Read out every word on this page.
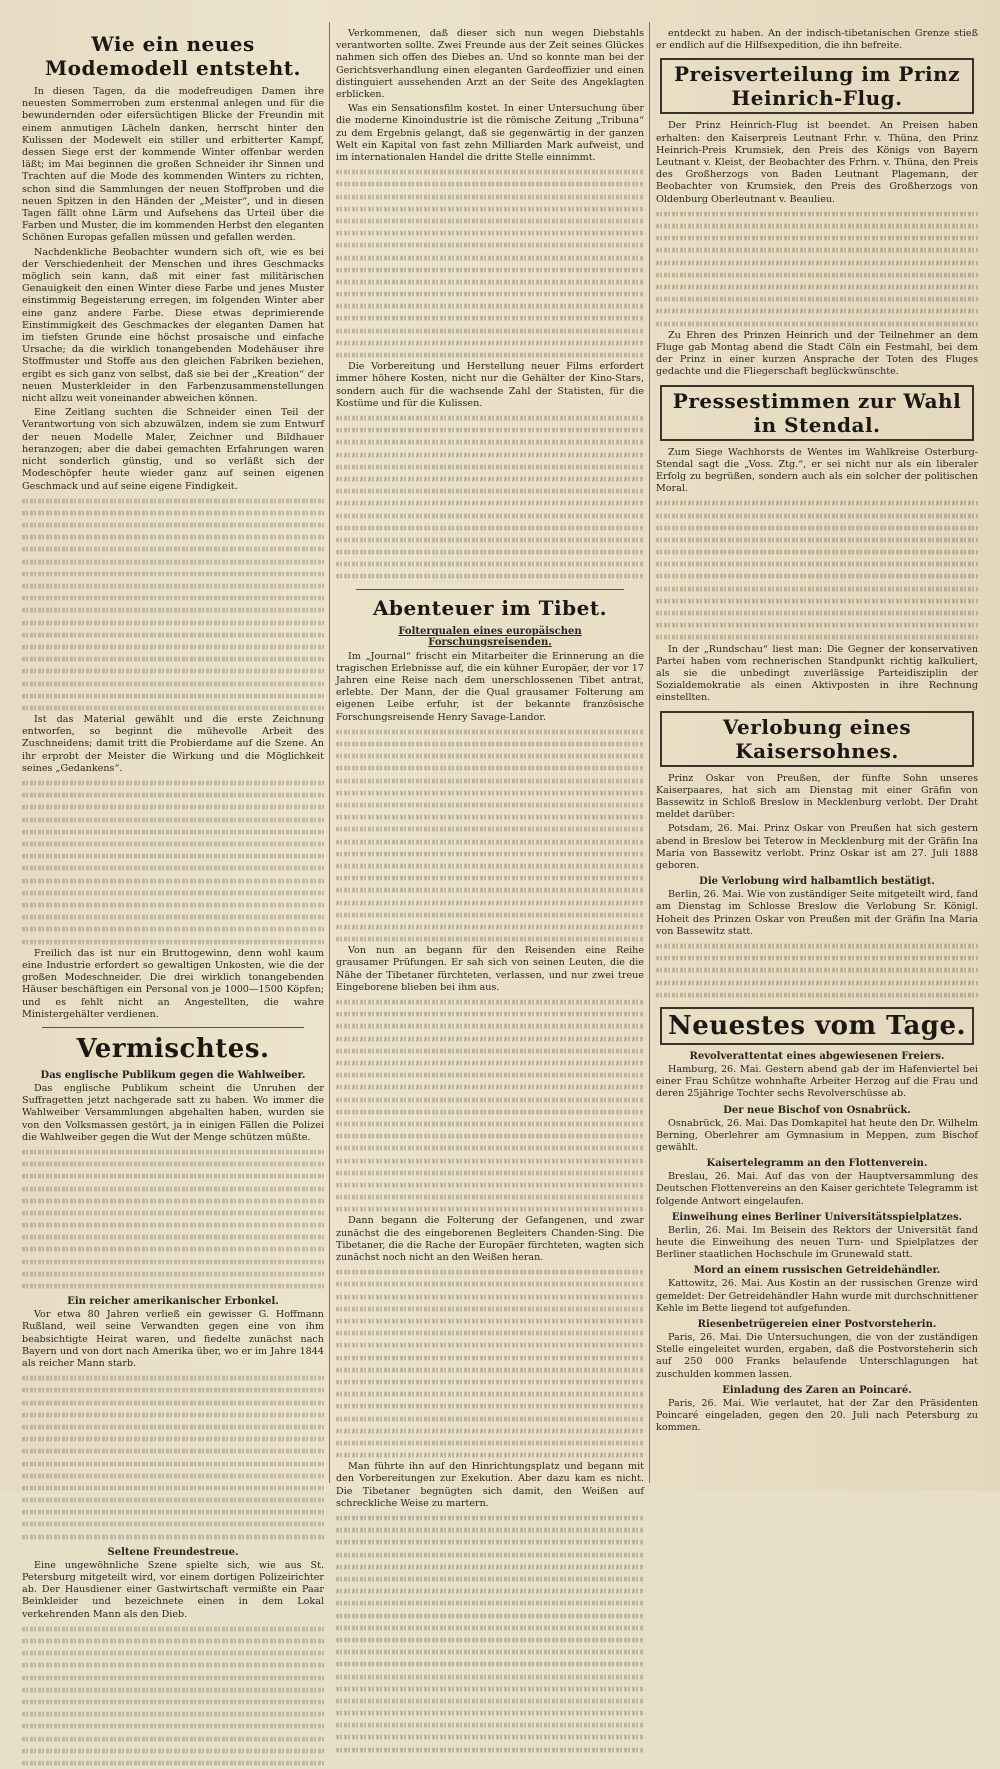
Wie ein neues Modemodell entsteht.

In diesen Tagen, da die modefreudigen Damen ihre neuesten Sommerroben zum erstenmal anlegen und für die bewundernden oder eifersüchtigen Blicke der Freundin mit einem anmutigen Lächeln danken, herrscht hinter den Kulissen der Modewelt ein stiller und erbitterter Kampf, dessen Siege erst der kommende Winter offenbar werden läßt; im Mai beginnen die großen Schneider ihr Sinnen und Trachten auf die Mode des kommenden Winters zu richten, schon sind die Sammlungen der neuen Stoffproben und die neuen Spitzen in den Händen der „Meister“, und in diesen Tagen fällt ohne Lärm und Aufsehens das Urteil über die Farben und Muster, die im kommenden Herbst den eleganten Schönen Europas gefallen müssen und gefallen werden.

Nachdenkliche Beobachter wundern sich oft, wie es bei der Verschiedenheit der Menschen und ihres Geschmacks möglich sein kann, daß mit einer fast militärischen Genauigkeit den einen Winter diese Farbe und jenes Muster einstimmig Begeisterung erregen, im folgenden Winter aber eine ganz andere Farbe. Diese etwas deprimierende Einstimmigkeit des Geschmackes der eleganten Damen hat im tiefsten Grunde eine höchst prosaische und einfache Ursache; da die wirklich tonangebenden Modehäuser ihre Stoffmuster und Stoffe aus den gleichen Fabriken beziehen, ergibt es sich ganz von selbst, daß sie bei der „Kreation“ der neuen Musterkleider in den Farbenzusammenstellungen nicht allzu weit voneinander abweichen können.

Eine Zeitlang suchten die Schneider einen Teil der Verantwortung von sich abzuwälzen, indem sie zum Entwurf der neuen Modelle Maler, Zeichner und Bildhauer heranzogen; aber die dabei gemachten Erfahrungen waren nicht sonderlich günstig, und so verläßt sich der Modeschöpfer heute wieder ganz auf seinen eigenen Geschmack und auf seine eigene Findigkeit.

Ist das Material gewählt und die erste Zeichnung entworfen, so beginnt die mühevolle Arbeit des Zuschneidens; damit tritt die Probierdame auf die Szene. An ihr erprobt der Meister die Wirkung und die Möglichkeit seines „Gedankens“.

Freilich das ist nur ein Bruttogewinn, denn wohl kaum eine Industrie erfordert so gewaltigen Unkosten, wie die der großen Modeschneider. Die drei wirklich tonangebenden Häuser beschäftigen ein Personal von je 1000—1500 Köpfen; und es fehlt nicht an Angestellten, die wahre Ministergehälter verdienen.

Vermischtes.
Das englische Publikum gegen die Wahlweiber.

Das englische Publikum scheint die Unruhen der Suffragetten jetzt nachgerade satt zu haben. Wo immer die Wahlweiber Versammlungen abgehalten haben, wurden sie von den Volksmassen gestört, ja in einigen Fällen die Polizei die Wahlweiber gegen die Wut der Menge schützen müßte.

Ein reicher amerikanischer Erbonkel.

Vor etwa 80 Jahren verließ ein gewisser G. Hoffmann Rußland, weil seine Verwandten gegen eine von ihm beabsichtigte Heirat waren, und fiedelte zunächst nach Bayern und von dort nach Amerika über, wo er im Jahre 1844 als reicher Mann starb.

Seltene Freundestreue.

Eine ungewöhnliche Szene spielte sich, wie aus St. Petersburg mitgeteilt wird, vor einem dortigen Polizeirichter ab. Der Hausdiener einer Gastwirtschaft vermißte ein Paar Beinkleider und bezeichnete einen in dem Lokal verkehrenden Mann als den Dieb.

Verkommenen, daß dieser sich nun wegen Diebstahls verantworten sollte. Zwei Freunde aus der Zeit seines Glückes nahmen sich offen des Diebes an. Und so konnte man bei der Gerichtsverhandlung einen eleganten Gardeoffizier und einen distinguiert aussehenden Arzt an der Seite des Angeklagten erblicken.

Was ein Sensationsfilm kostet. In einer Untersuchung über die moderne Kinoindustrie ist die römische Zeitung „Tribuna“ zu dem Ergebnis gelangt, daß sie gegenwärtig in der ganzen Welt ein Kapital von fast zehn Milliarden Mark aufweist, und im internationalen Handel die dritte Stelle einnimmt.

Die Vorbereitung und Herstellung neuer Films erfordert immer höhere Kosten, nicht nur die Gehälter der Kino-Stars, sondern auch für die wachsende Zahl der Statisten, für die Kostüme und für die Kulissen.

Abenteuer im Tibet.
Folterqualen eines europäischen Forschungsreisenden.

Im „Journal“ frischt ein Mitarbeiter die Erinnerung an die tragischen Erlebnisse auf, die ein kühner Europäer, der vor 17 Jahren eine Reise nach dem unerschlossenen Tibet antrat, erlebte. Der Mann, der die Qual grausamer Folterung am eigenen Leibe erfuhr, ist der bekannte französische Forschungsreisende Henry Savage-Landor.

Von nun an begann für den Reisenden eine Reihe grausamer Prüfungen. Er sah sich von seinen Leuten, die die Nähe der Tibetaner fürchteten, verlassen, und nur zwei treue Eingeborene blieben bei ihm aus.

Dann begann die Folterung der Gefangenen, und zwar zunächst die des eingeborenen Begleiters Chanden-Sing. Die Tibetaner, die die Rache der Europäer fürchteten, wagten sich zunächst noch nicht an den Weißen heran.

Man führte ihn auf den Hinrichtungsplatz und begann mit den Vorbereitungen zur Exekution. Aber dazu kam es nicht. Die Tibetaner begnügten sich damit, den Weißen auf schreckliche Weise zu martern.

entdeckt zu haben. An der indisch-tibetanischen Grenze stieß er endlich auf die Hilfsexpedition, die ihn befreite.

Preisverteilung im Prinz Heinrich-Flug.

Der Prinz Heinrich-Flug ist beendet. An Preisen haben erhalten: den Kaiserpreis Leutnant Frhr. v. Thüna, den Prinz Heinrich-Preis Krumsiek, den Preis des Königs von Bayern Leutnant v. Kleist, der Beobachter des Frhrn. v. Thüna, den Preis des Großherzogs von Baden Leutnant Plagemann, der Beobachter von Krumsiek, den Preis des Großherzogs von Oldenburg Oberleutnant v. Beaulieu.

Zu Ehren des Prinzen Heinrich und der Teilnehmer an dem Fluge gab Montag abend die Stadt Cöln ein Festmahl, bei dem der Prinz in einer kurzen Ansprache der Toten des Fluges gedachte und die Fliegerschaft beglückwünschte.

Pressestimmen zur Wahl in Stendal.

Zum Siege Wachhorsts de Wentes im Wahlkreise Osterburg-Stendal sagt die „Voss. Ztg.“, er sei nicht nur als ein liberaler Erfolg zu begrüßen, sondern auch als ein solcher der politischen Moral.

In der „Rundschau“ liest man: Die Gegner der konservativen Partei haben vom rechnerischen Standpunkt richtig kalkuliert, als sie die unbedingt zuverlässige Parteidisziplin der Sozialdemokratie als einen Aktivposten in ihre Rechnung einstellten.

Verlobung eines Kaisersohnes.

Prinz Oskar von Preußen, der fünfte Sohn unseres Kaiserpaares, hat sich am Dienstag mit einer Gräfin von Bassewitz in Schloß Breslow in Mecklenburg verlobt. Der Draht meldet darüber:

Potsdam, 26. Mai. Prinz Oskar von Preußen hat sich gestern abend in Breslow bei Teterow in Mecklenburg mit der Gräfin Ina Maria von Bassewitz verlobt. Prinz Oskar ist am 27. Juli 1888 geboren.

Die Verlobung wird halbamtlich bestätigt.

Berlin, 26. Mai. Wie von zuständiger Seite mitgeteilt wird, fand am Dienstag im Schlosse Breslow die Verlobung Sr. Königl. Hoheit des Prinzen Oskar von Preußen mit der Gräfin Ina Maria von Bassewitz statt.

Neuestes vom Tage.
Revolverattentat eines abgewiesenen Freiers.

Hamburg, 26. Mai. Gestern abend gab der im Hafenviertel bei einer Frau Schütze wohnhafte Arbeiter Herzog auf die Frau und deren 25jährige Tochter sechs Revolverschüsse ab.

Der neue Bischof von Osnabrück.

Osnabrück, 26. Mai. Das Domkapitel hat heute den Dr. Wilhelm Berning, Oberlehrer am Gymnasium in Meppen, zum Bischof gewählt.

Kaisertelegramm an den Flottenverein.

Breslau, 26. Mai. Auf das von der Hauptversammlung des Deutschen Flottenvereins an den Kaiser gerichtete Telegramm ist folgende Antwort eingelaufen.

Einweihung eines Berliner Universitätsspielplatzes.

Berlin, 26. Mai. Im Beisein des Rektors der Universität fand heute die Einweihung des neuen Turn- und Spielplatzes der Berliner staatlichen Hochschule im Grunewald statt.

Mord an einem russischen Getreidehändler.

Kattowitz, 26. Mai. Aus Kostin an der russischen Grenze wird gemeldet: Der Getreidehändler Hahn wurde mit durchschnittener Kehle im Bette liegend tot aufgefunden.

Riesenbetrügereien einer Postvorsteherin.

Paris, 26. Mai. Die Untersuchungen, die von der zuständigen Stelle eingeleitet wurden, ergaben, daß die Postvorsteherin sich auf 250 000 Franks belaufende Unterschlagungen hat zuschulden kommen lassen.

Einladung des Zaren an Poincaré.

Paris, 26. Mai. Wie verlautet, hat der Zar den Präsidenten Poincaré eingeladen, gegen den 20. Juli nach Petersburg zu kommen.
